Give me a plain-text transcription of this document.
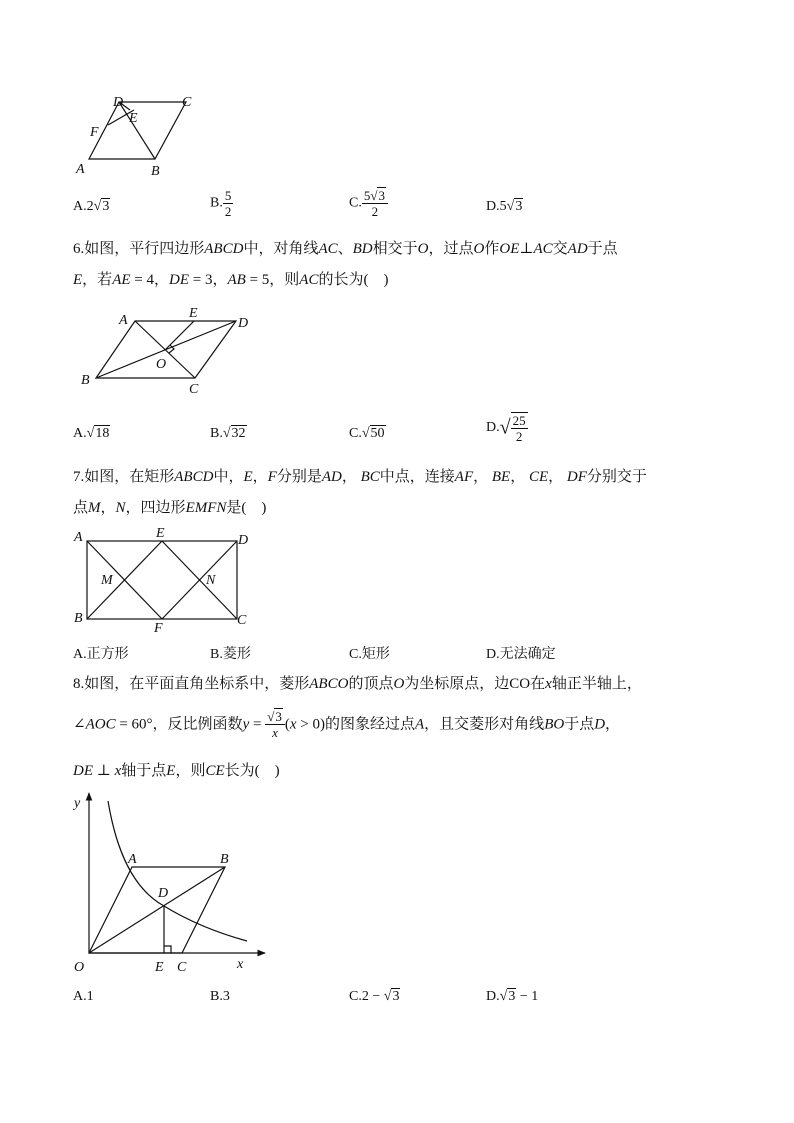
D	C
E
F
A	B
A.2√3	B. $\frac{5}{2}$	C. $\frac{5√3}{2}$	D.5√3
6.如图，平行四边形ABCD中，对角线AC、BD相交于O，过点O作OE⊥AC交AD于点
E，若AE = 4，DE = 3，AB = 5，则AC的长为(　)
A	E
D
B
O
C
A.√18	B.√32	C.√50	$D.√ \frac{25}{2}$
7.如图，在矩形ABCD中，E，F分别是AD， BC中点，连接AF， BE， CE， DF分别交于
点M，N，四边形EMFN是(　)
A	E	D
M	N
B
F
C
A.正方形	B.菱形	C.矩形	D.无法确定
8.如图，在平面直角坐标系中，菱形ABCO的顶点O为坐标原点，边CO在x轴正半轴上，
∠AOC = 60°，反比例函数$y = \frac{√3}{x} (x > 0)$的图象经过点A，且交菱形对角线BO于点D，
DE ⊥ x轴于点E，则CE长为(　)
y
A	B
D
O	E C	x
A.1	B.3	C.2 − √3	D.√3 − 1
